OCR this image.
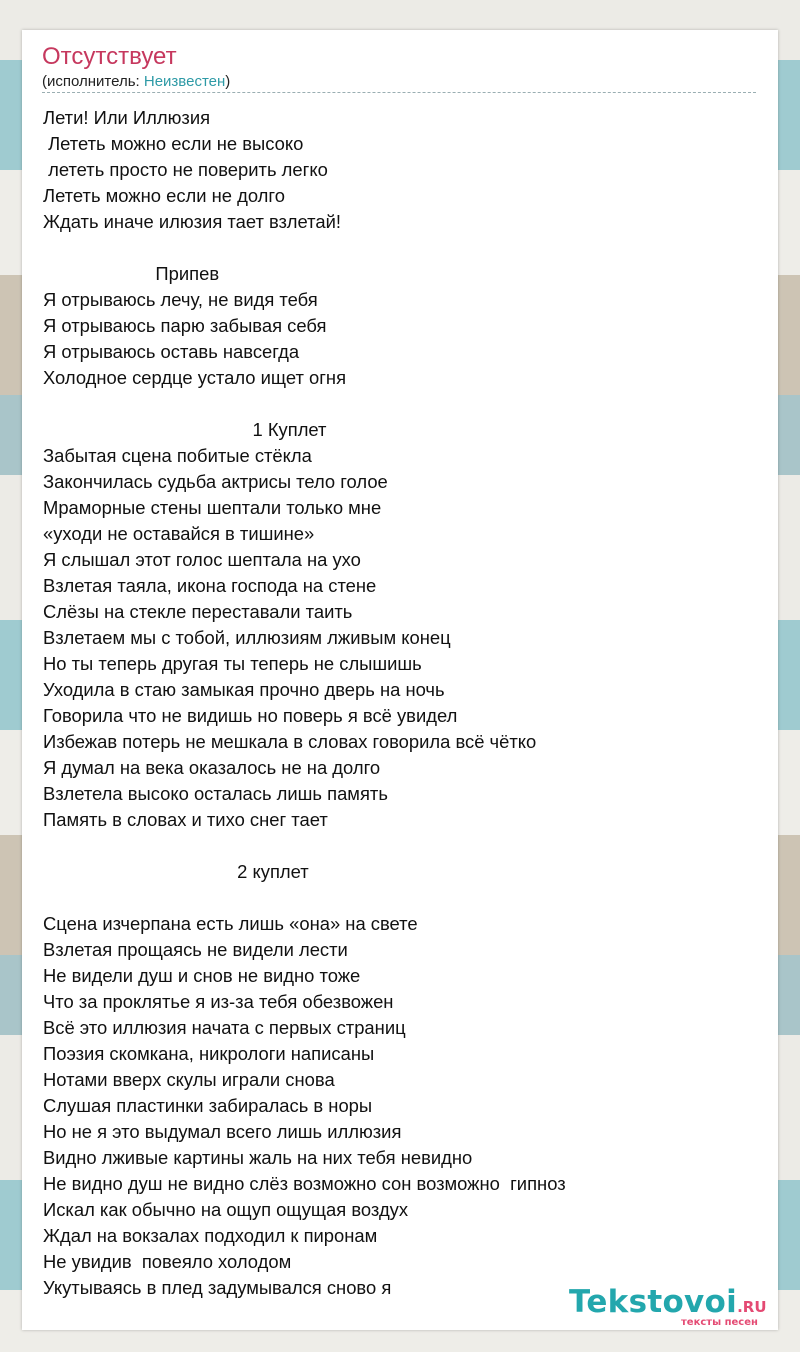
Отсутствует
(исполнитель: Неизвестен)
Лети! Или Иллюзия
Лететь можно если не высоко
лететь просто не поверить легко
Лететь можно если не долго
Ждать иначе илюзия тает взлетай!

Припев
Я отрываюсь лечу, не видя тебя
Я отрываюсь парю забывая себя
Я отрываюсь оставь навсегда
Холодное сердце устало ищет огня

1 Куплет
Забытая сцена побитые стёкла
Закончилась судьба актрисы тело голое
Мраморные стены шептали только мне
«уходи не оставайся в тишине»
Я слышал этот голос шептала на ухо
Взлетая таяла, икона господа на стене
Слёзы на стекле переставали таить
Взлетаем мы с тобой, иллюзиям лживым конец
Но ты теперь другая ты теперь не слышишь
Уходила в стаю замыкая прочно дверь на ночь
Говорила что не видишь но поверь я всё увидел
Избежав потерь не мешкала в словах говорила всё чётко
Я думал на века оказалось не на долго
Взлетела высоко осталась лишь память
Память в словах и тихо снег тает

2 куплет

Сцена изчерпана есть лишь «она» на свете
Взлетая прощаясь не видели лести
Не видели душ и снов не видно тоже
Что за проклятье я из-за тебя обезвожен
Всё это иллюзия начата с первых страниц
Поэзия скомкана, никрологи написаны
Нотами вверх скулы играли снова
Слушая пластинки забиралась в норы
Но не я это выдумал всего лишь иллюзия
Видно лживые картины жаль на них тебя невидно
Не видно душ не видно слёз возможно сон возможно  гипноз
Искал как обычно на ощуп ощущая воздух
Ждал на вокзалах подходил к пиронам
Не увидив  повеяло холодом
Укутываясь в плед задумывался сново я	Tekstovoi.RU
тексты песен
